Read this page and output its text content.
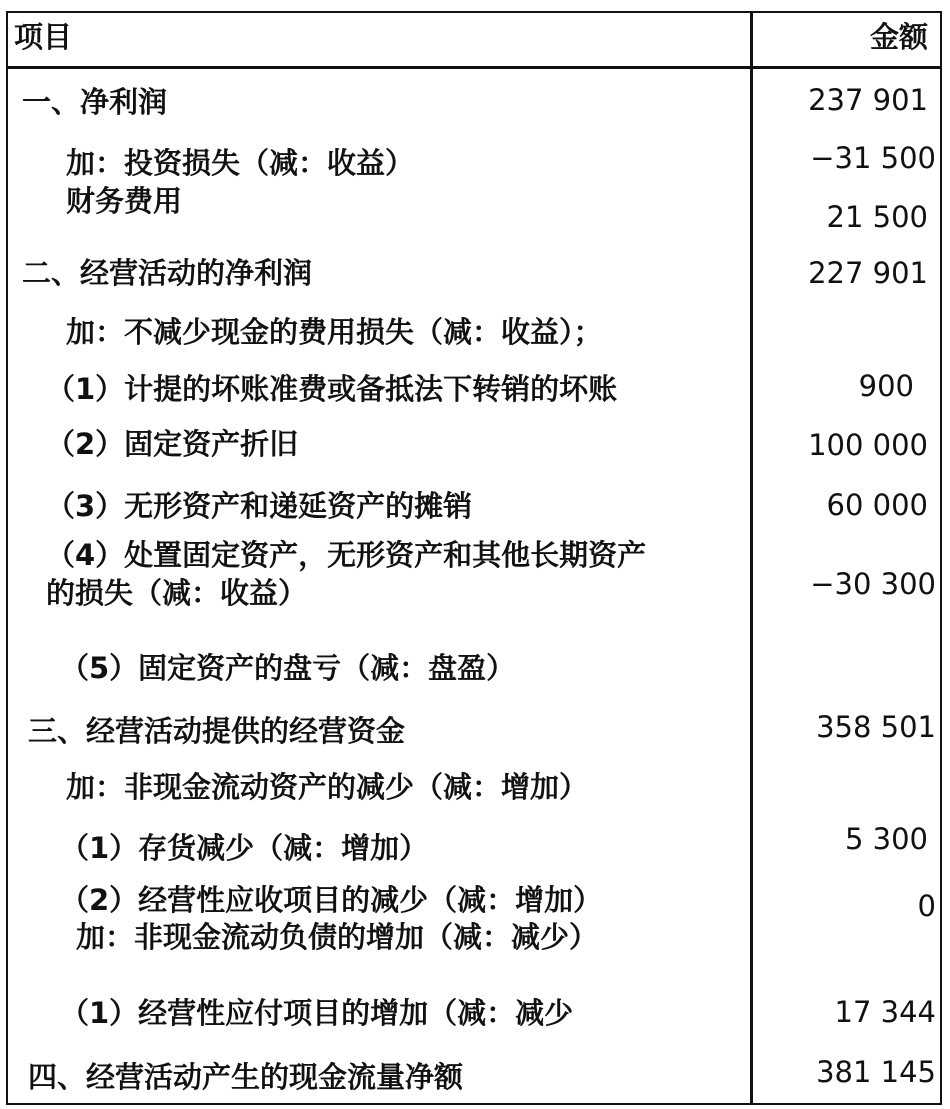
项目	金额
一、净利润	237 901
加：投资损失（减：收益）	−31 500
财务费用	21 500
二、经营活动的净利润	227 901
加：不减少现金的费用损失（减：收益）；
（1）计提的坏账准费或备抵法下转销的坏账	900
（2）固定资产折旧	100 000
（3）无形资产和递延资产的摊销	60 000
（4）处置固定资产，无形资产和其他长期资产
的损失（减：收益）	−30 300
（5）固定资产的盘亏（减：盘盈）
三、经营活动提供的经营资金	358 501
加：非现金流动资产的减少（减：增加）
（1）存货减少（减：增加）	5 300
（2）经营性应收项目的减少（减：增加）	0
加：非现金流动负债的增加（减：减少）
（1）经营性应付项目的增加（减：减少	17 344
四、经营活动产生的现金流量净额	381 145
